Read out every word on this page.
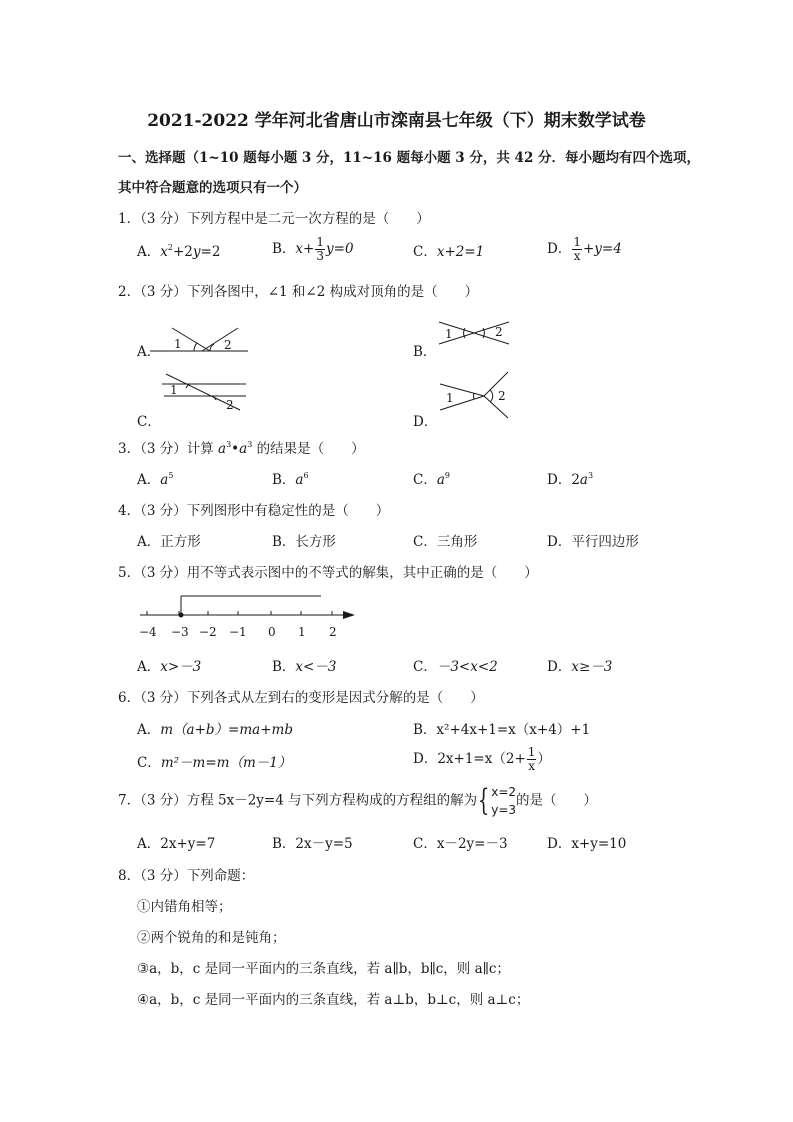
2021-2022 学年河北省唐山市滦南县七年级（下）期末数学试卷
一、选择题（1~10 题每小题 3 分，11~16 题每小题 3 分，共 42 分．每小题均有四个选项，
其中符合题意的选项只有一个）
1．（3 分）下列方程中是二元一次方程的是（　　）
A．$x^2+2y=2$	B．$x+ \frac{1}{3} y=0$	C．x+2=1	D． $\frac{1}{x} +y=4$
2．（3 分）下列各图中，∠1 和∠2 构成对顶角的是（　　）
A．	B．
C．	D．
1	2
1	2
1
2	1	2
3．（3 分）计算 $a^3•a^3$ 的结果是（　　）
A．$a^5$	B．$a^6$	C．$a^9$	D．$2a^3$
4．（3 分）下列图形中有稳定性的是（　　）
A．正方形	B．长方形	C．三角形	D．平行四边形
5．（3 分）用不等式表示图中的不等式的解集，其中正确的是（　　）
−4 −3 −2 −1 0 1 2
A．x>－3	B．x<－3	C．－3<x<2	D．x≥－3
6．（3 分）下列各式从左到右的变形是因式分解的是（　　）
A．m（a+b）=ma+mb	B．x²+4x+1=x（x+4）+1
C．m²－m=m（m－1）	D．$2x+1=x(2+ \frac{1}{x}$ ）
7．（3 分）方程 5x－2y=4 与下列方程构成的方程组的解为{ x=2
y=3
的是（　　）
A．2x+y=7	B．2x－y=5	C．x－2y=－3	D．x+y=10
8．（3 分）下列命题：
①内错角相等；
②两个锐角的和是钝角；
③a，b，c 是同一平面内的三条直线，若 a∥b，b∥c，则 a∥c；
④a，b，c 是同一平面内的三条直线，若 a⊥b，b⊥c，则 a⊥c；
